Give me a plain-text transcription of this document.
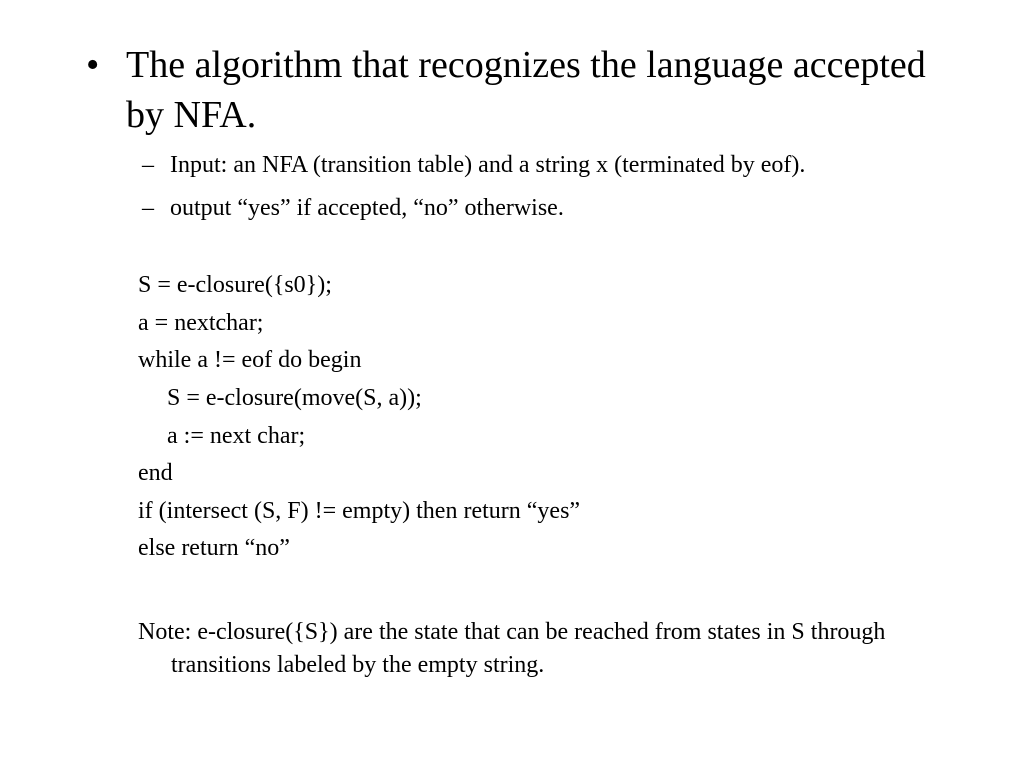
• The algorithm that recognizes the language accepted by NFA.
– Input: an NFA (transition table) and a string x (terminated by eof).
– output “yes” if accepted, “no” otherwise.
S = e-closure({s0});
a = nextchar;
while a != eof do begin
S = e-closure(move(S, a));
a := next char;
end
if (intersect (S, F) != empty) then return “yes”
else return “no”
Note: e-closure({S}) are the state that can be reached from states in S through transitions labeled by the empty string.
